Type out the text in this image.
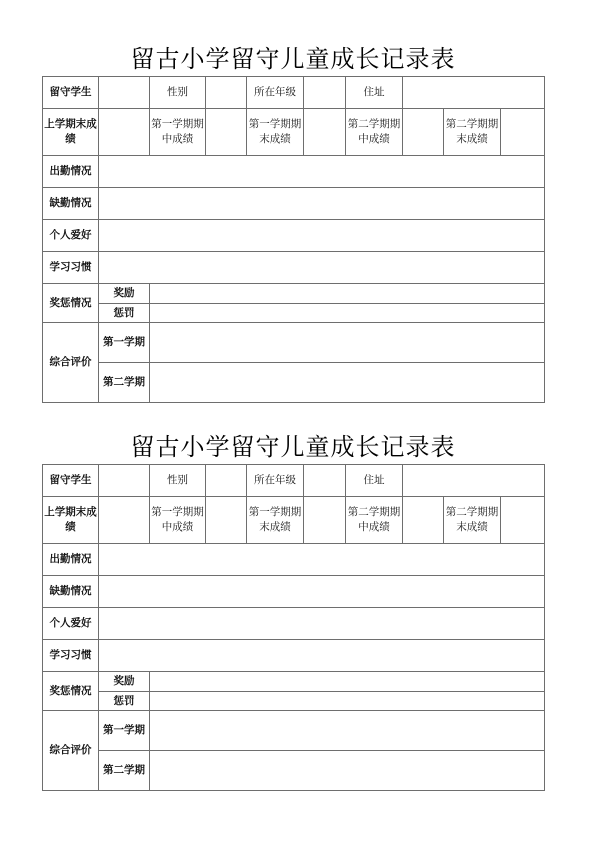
留古小学留守儿童成长记录表
留守学生		性别		所在年级		住址			
上学期末成绩		第一学期期中成绩		第一学期期末成绩		第二学期期中成绩		第二学期期末成绩	
出勤情况									
缺勤情况									
个人爱好									
学习习惯									
奖惩情况	奖励								
	惩罚								
综合评价	第一学期								
	第二学期								
留古小学留守儿童成长记录表
留守学生		性别		所在年级		住址			
上学期末成绩		第一学期期中成绩		第一学期期末成绩		第二学期期中成绩		第二学期期末成绩	
出勤情况									
缺勤情况									
个人爱好									
学习习惯									
奖惩情况	奖励								
	惩罚								
综合评价	第一学期								
	第二学期								
